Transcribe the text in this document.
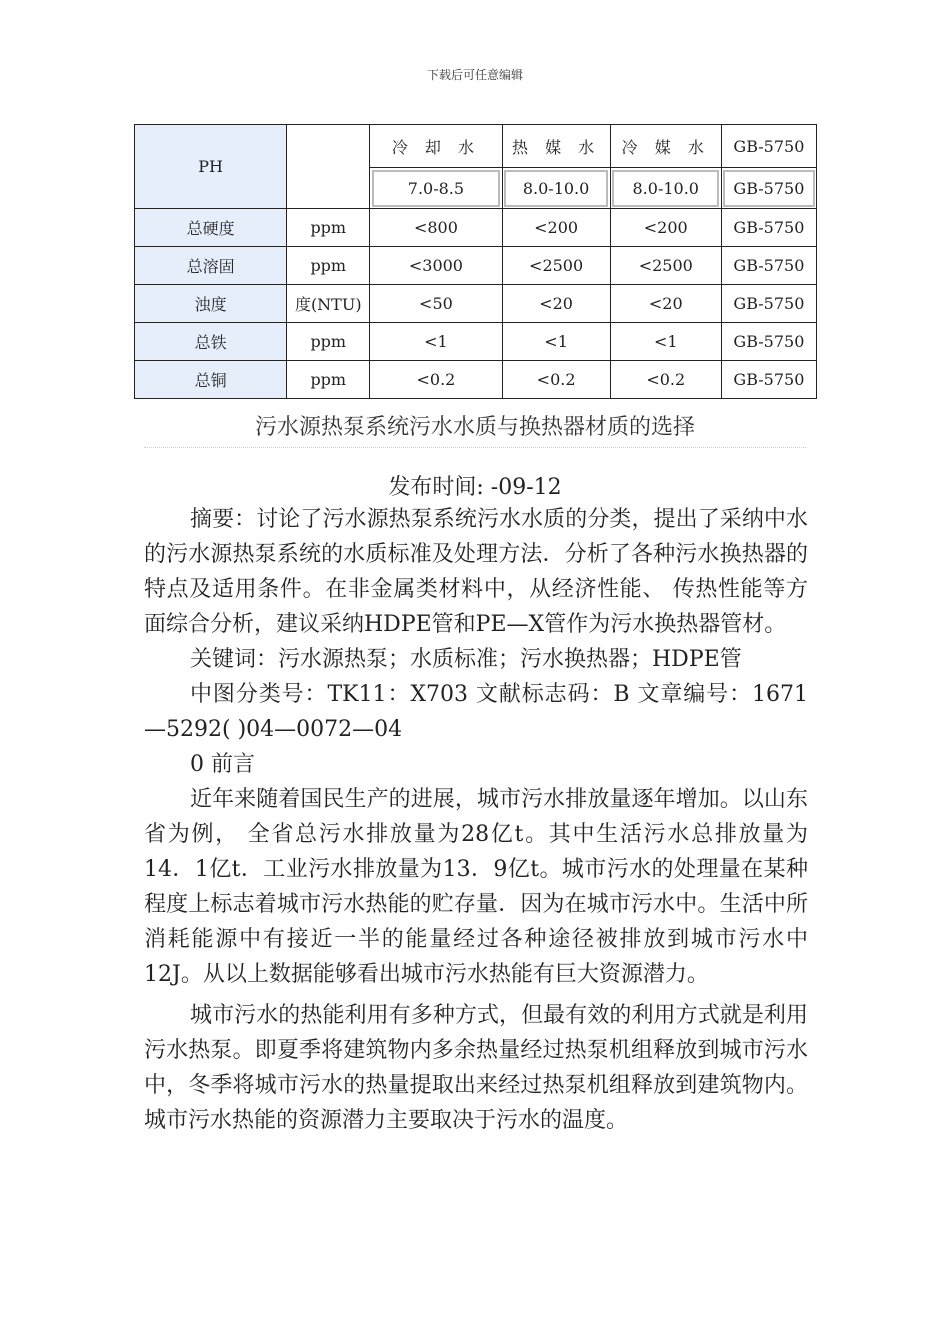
下载后可任意编辑
PH		冷 却 水	热 媒 水	冷 媒 水	GB-5750
		7.0-8.5	8.0-10.0	8.0-10.0	GB-5750
总硬度	ppm	<800	<200	<200	GB-5750
总溶固	ppm	<3000	<2500	<2500	GB-5750
浊度	度(NTU)	<50	<20	<20	GB-5750
总铁	ppm	<1	<1	<1	GB-5750
总铜	ppm	<0.2	<0.2	<0.2	GB-5750
污水源热泵系统污水水质与换热器材质的选择
发布时间: -09-12

摘要：讨论了污水源热泵系统污水水质的分类，提出了采纳中水的污水源热泵系统的水质标准及处理方法．分析了各种污水换热器的特点及适用条件。在非金属类材料中，从经济性能、 传热性能等方面综合分析，建议采纳HDPE管和PE—X管作为污水换热器管材。

关键词：污水源热泵；水质标准；污水换热器；HDPE管

中图分类号：TK11：X703 文献标志码：B 文章编号：1671—5292( )04—0072—04

0 前言

近年来随着国民生产的进展，城市污水排放量逐年增加。以山东省为例， 全省总污水排放量为28亿t。其中生活污水总排放量为14．1亿t．工业污水排放量为13．9亿t。城市污水的处理量在某种程度上标志着城市污水热能的贮存量．因为在城市污水中。生活中所消耗能源中有接近一半的能量经过各种途径被排放到城市污水中12J。从以上数据能够看出城市污水热能有巨大资源潜力。

城市污水的热能利用有多种方式，但最有效的利用方式就是利用污水热泵。即夏季将建筑物内多余热量经过热泵机组释放到城市污水中，冬季将城市污水的热量提取出来经过热泵机组释放到建筑物内。城市污水热能的资源潜力主要取决于污水的温度。
